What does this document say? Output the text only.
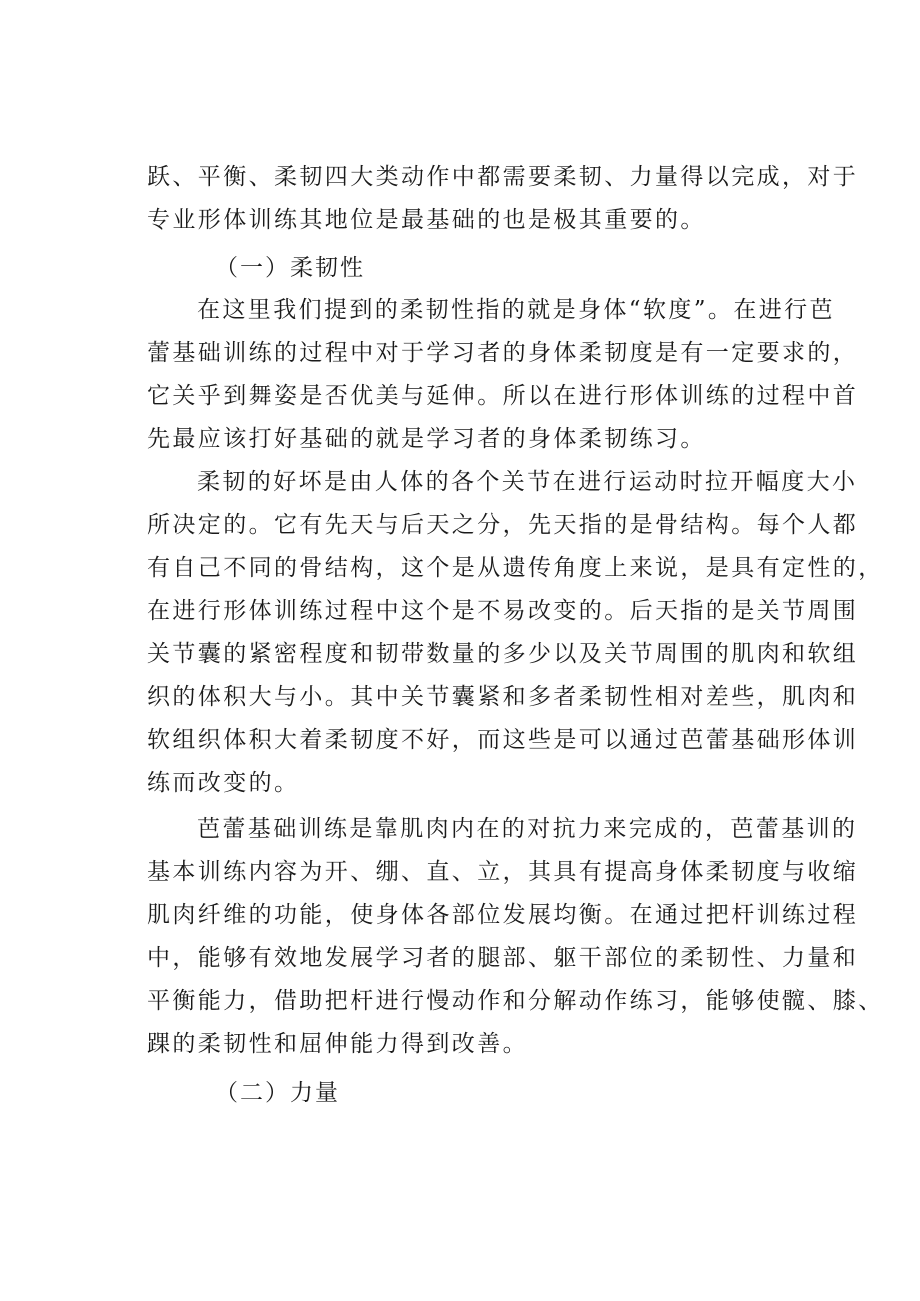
跃、平衡、柔韧四大类动作中都需要柔韧、力量得以完成，对于
专业形体训练其地位是最基础的也是极其重要的。
（一）柔韧性
在这里我们提到的柔韧性指的就是身体“软度”。在进行芭
蕾基础训练的过程中对于学习者的身体柔韧度是有一定要求的，
它关乎到舞姿是否优美与延伸。所以在进行形体训练的过程中首
先最应该打好基础的就是学习者的身体柔韧练习。
柔韧的好坏是由人体的各个关节在进行运动时拉开幅度大小
所决定的。它有先天与后天之分，先天指的是骨结构。每个人都
有自己不同的骨结构，这个是从遗传角度上来说，是具有定性的，
在进行形体训练过程中这个是不易改变的。后天指的是关节周围
关节囊的紧密程度和韧带数量的多少以及关节周围的肌肉和软组
织的体积大与小。其中关节囊紧和多者柔韧性相对差些，肌肉和
软组织体积大着柔韧度不好，而这些是可以通过芭蕾基础形体训
练而改变的。
芭蕾基础训练是靠肌肉内在的对抗力来完成的，芭蕾基训的
基本训练内容为开、绷、直、立，其具有提高身体柔韧度与收缩
肌肉纤维的功能，使身体各部位发展均衡。在通过把杆训练过程
中，能够有效地发展学习者的腿部、躯干部位的柔韧性、力量和
平衡能力，借助把杆进行慢动作和分解动作练习，能够使髋、膝、
踝的柔韧性和屈伸能力得到改善。
（二）力量
